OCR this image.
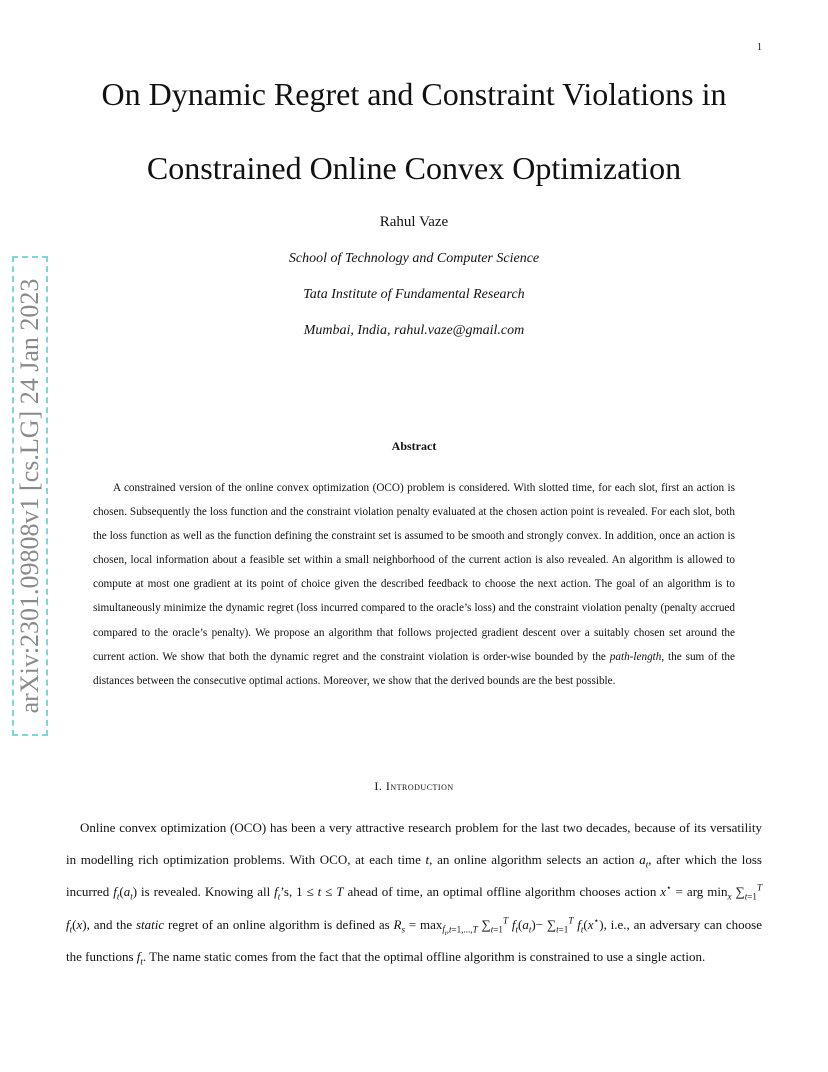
1
On Dynamic Regret and Constraint Violations in
Constrained Online Convex Optimization
Rahul Vaze
School of Technology and Computer Science
Tata Institute of Fundamental Research
Mumbai, India, rahul.vaze@gmail.com
arXiv:2301.09808v1 [cs.LG] 24 Jan 2023	Abstract

A constrained version of the online convex optimization (OCO) problem is considered. With slotted time, for each slot, first an action is chosen. Subsequently the loss function and the constraint violation penalty evaluated at the chosen action point is revealed. For each slot, both the loss function as well as the function defining the constraint set is assumed to be smooth and strongly convex. In addition, once an action is chosen, local information about a feasible set within a small neighborhood of the current action is also revealed. An algorithm is allowed to compute at most one gradient at its point of choice given the described feedback to choose the next action. The goal of an algorithm is to simultaneously minimize the dynamic regret (loss incurred compared to the oracle’s loss) and the constraint violation penalty (penalty accrued compared to the oracle’s penalty). We propose an algorithm that follows projected gradient descent over a suitably chosen set around the current action. We show that both the dynamic regret and the constraint violation is order-wise bounded by the path-length, the sum of the distances between the consecutive optimal actions. Moreover, we show that the derived bounds are the best possible.

I. Introduction

Online convex optimization (OCO) has been a very attractive research problem for the last two decades, because of its versatility in modelling rich optimization problems. With OCO, at each time t, an online algorithm selects an action $a_t$, after which the loss incurred $f_t(a_t)$ is revealed. Knowing all $f_t’s$, 1 ≤ t ≤ T ahead of time, an optimal offline algorithm chooses action x⋆ = arg $\min_x \sum_{t=1}^T$ $f_t(x)$, and the static regret of an online algorithm is defined as $R_s = \max_{f_t,t=1,...,T} \sum_{t=1}^T$ $f_t(a_t)- \sum_{t=1}^T$ $f_t(x^⋆)$, i.e., an adversary can choose the functions $f_t$. The name static comes from the fact that the optimal offline algorithm is constrained to use a single action.
